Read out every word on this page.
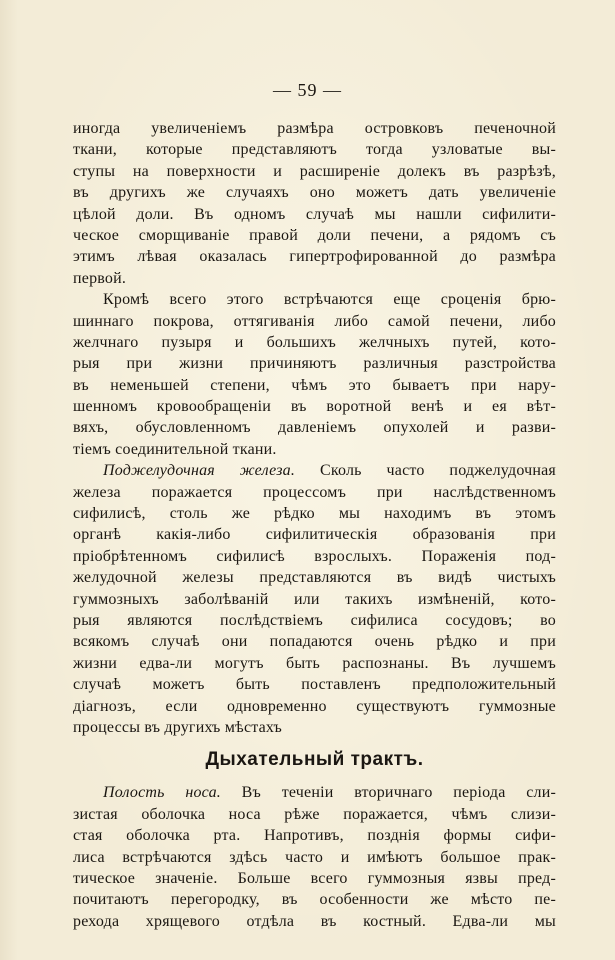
— 59 —
иногда увеличеніемъ размѣра островковъ печеночной
ткани, которые представляютъ тогда узловатые вы-
ступы на поверхности и расширеніе долекъ въ разрѣзѣ,
въ другихъ же случаяхъ оно можетъ дать увеличеніе
цѣлой доли. Въ одномъ случаѣ мы нашли сифилити-
ческое сморщиваніе правой доли печени, а рядомъ съ
этимъ лѣвая оказалась гипертрофированной до размѣра
первой.
Кромѣ всего этого встрѣчаются еще сроценія брю-
шиннаго покрова, оттягиванія либо самой печени, либо
желчнаго пузыря и большихъ желчныхъ путей, кото-
рыя при жизни причиняютъ различныя разстройства
въ неменьшей степени, чѣмъ это бываетъ при нару-
шенномъ кровообращеніи въ воротной венѣ и ея вѣт-
вяхъ, обусловленномъ давленіемъ опухолей и разви-
тіемъ соединительной ткани.
Поджелудочная железа. Сколь часто поджелудочная
железа поражается процессомъ при наслѣдственномъ
сифилисѣ, столь же рѣдко мы находимъ въ этомъ
органѣ какія-либо сифилитическія образованія при
пріобрѣтенномъ сифилисѣ взрослыхъ. Пораженія под-
желудочной железы представляются въ видѣ чистыхъ
гуммозныхъ заболѣваній или такихъ измѣненій, кото-
рыя являются послѣдствіемъ сифилиса сосудовъ; во
всякомъ случаѣ они попадаются очень рѣдко и при
жизни едва-ли могутъ быть распознаны. Въ лучшемъ
случаѣ можетъ быть поставленъ предположительный
діагнозъ, если одновременно существуютъ гуммозные
процессы въ другихъ мѣстахъ
Дыхательный трактъ.
Полость носа. Въ теченіи вторичнаго періода сли-
зистая оболочка носа рѣже поражается, чѣмъ слизи-
стая оболочка рта. Напротивъ, позднія формы сифи-
лиса встрѣчаются здѣсь часто и имѣютъ большое прак-
тическое значеніе. Больше всего гуммозныя язвы пред-
почитаютъ перегородку, въ особенности же мѣсто пе-
рехода хрящевого отдѣла въ костный. Едва-ли мы
